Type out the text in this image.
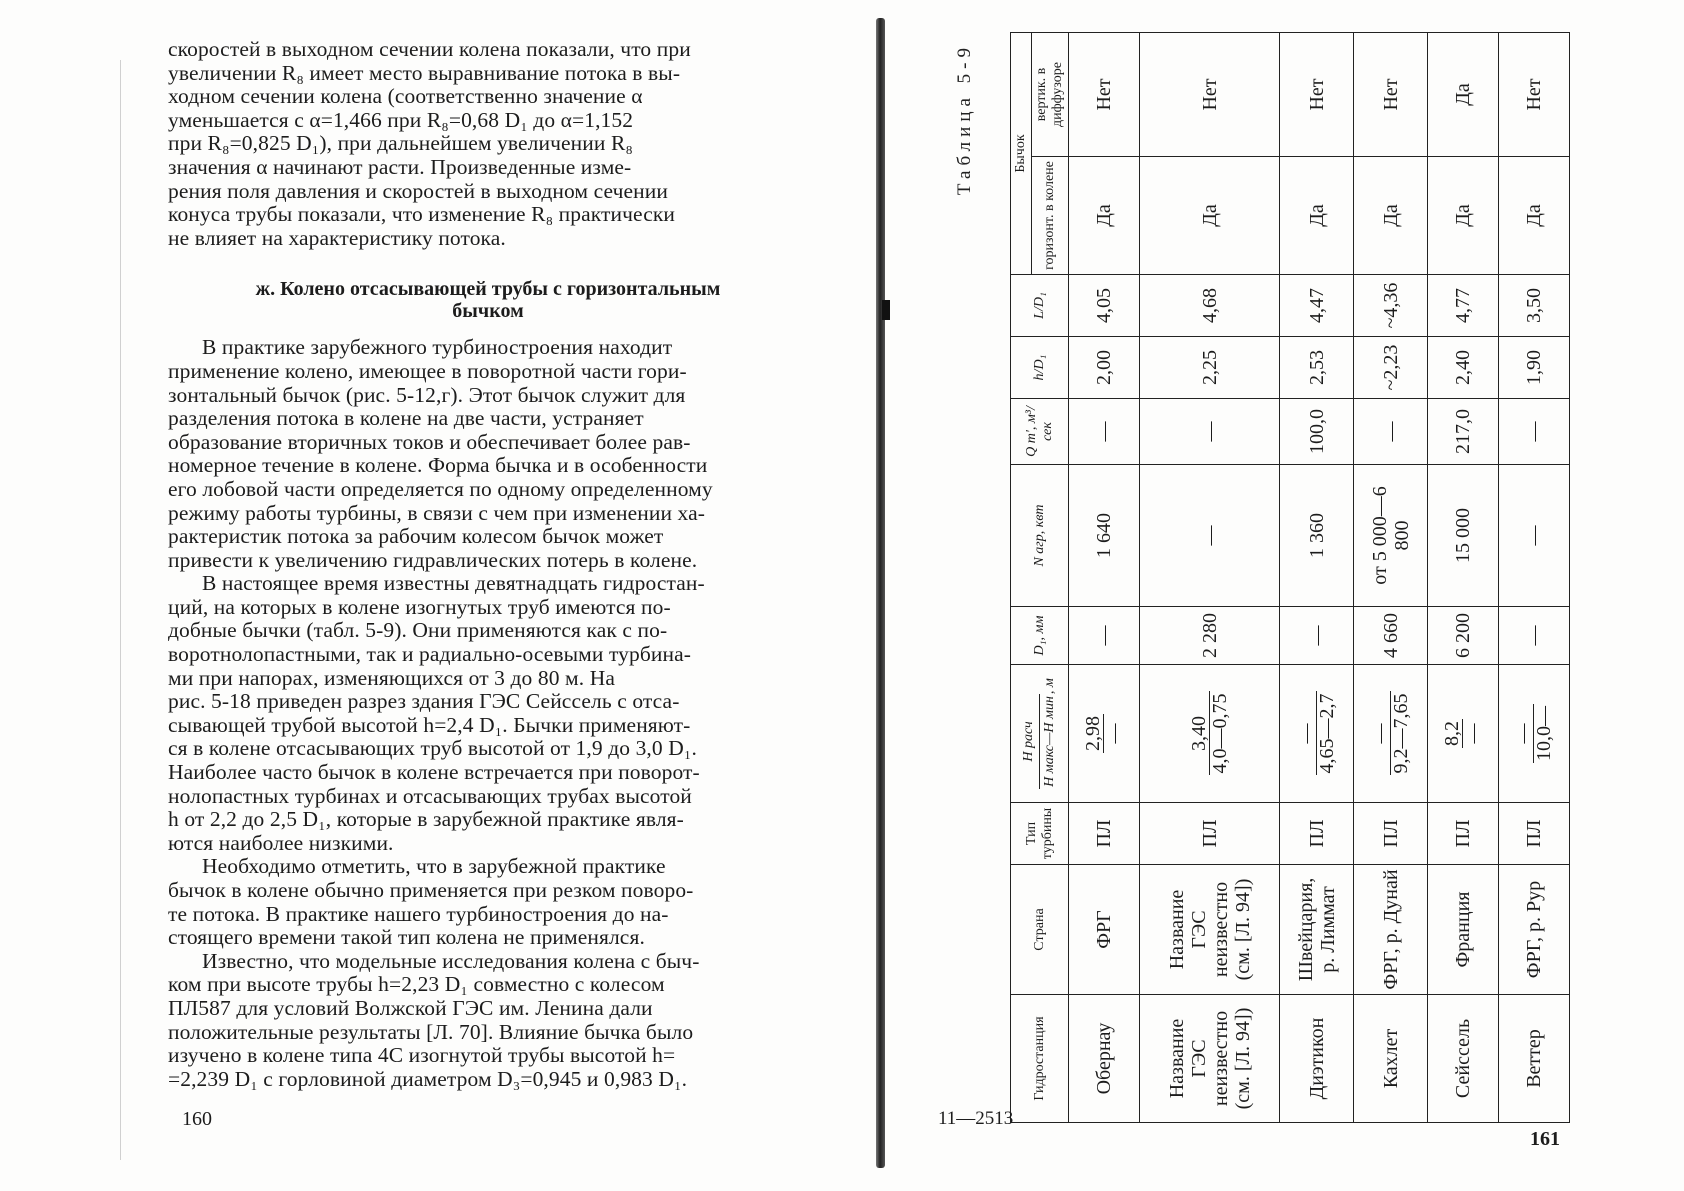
скоростей в выходном сечении колена показали, что при
увеличении R₈ имеет место выравнивание потока в вы-
ходном сечении колена (соответственно значение α
уменьшается с α=1,466 при R₈=0,68 D₁ до α=1,152
при R₈=0,825 D₁), при дальнейшем увеличении R₈
значения α начинают расти. Произведенные изме-
рения поля давления и скоростей в выходном сечении
конуса трубы показали, что изменение R₈ практически
не влияет на характеристику потока.

ж. Колено отсасывающей трубы с горизонтальным
бычком

В практике зарубежного турбиностроения находит
применение колено, имеющее в поворотной части гори-
зонтальный бычок (рис. 5-12,г). Этот бычок служит для
разделения потока в колене на две части, устраняет
образование вторичных токов и обеспечивает более рав-
номерное течение в колене. Форма бычка и в особенности
его лобовой части определяется по одному определенному
режиму работы турбины, в связи с чем при изменении ха-
рактеристик потока за рабочим колесом бычок может
привести к увеличению гидравлических потерь в колене.

В настоящее время известны девятнадцать гидростан-
ций, на которых в колене изогнутых труб имеются по-
добные бычки (табл. 5-9). Они применяются как с по-
воротнолопастными, так и радиально-осевыми турбина-
ми при напорах, изменяющихся от 3 до 80 м. На
рис. 5-18 приведен разрез здания ГЭС Сейссель с отса-
сывающей трубой высотой h=2,4 D₁. Бычки применяют-
ся в колене отсасывающих труб высотой от 1,9 до 3,0 D₁.
Наиболее часто бычок в колене встречается при поворот-
нолопастных турбинах и отсасывающих трубах высотой
h от 2,2 до 2,5 D₁, которые в зарубежной практике явля-
ются наиболее низкими.

Необходимо отметить, что в зарубежной практике
бычок в колене обычно применяется при резком поворо-
те потока. В практике нашего турбиностроения до на-
стоящего времени такой тип колена не применялся.

Известно, что модельные исследования колена с быч-
ком при высоте трубы h=2,23 D₁ совместно с колесом
ПЛ587 для условий Волжской ГЭС им. Ленина дали
положительные результаты [Л. 70]. Влияние бычка было
изучено в колене типа 4С изогнутой трубы высотой h=
=2,239 D₁ с горловиной диаметром D₃=0,945 и 0,983 D₁.

160
Таблица 5-9
Гидростанция	Страна	Тип турбины	H расч H макс—H мин
, м	D₁, мм	N агр, квт	Q т', м³/сек	h/D₁	L/D₁	Бычок	
									горизонт. в колене	вертик. в диффузоре
Обернау	ФРГ	ПЛ	2,98 —	—	1 640	—	2,00	4,05	Да	Нет
Название ГЭС неизвестно (см. [Л. 94])	Название ГЭС неизвестно (см. [Л. 94])	ПЛ	3,40 4,0—0,75	2 280	—	—	2,25	4,68	Да	Нет
Диэтикон	Швейцария, р. Лиммат	ПЛ	— 4,65—2,7	—	1 360	100,0	2,53	4,47	Да	Нет
Кахлет	ФРГ, р. Дунай	ПЛ	— 9,2—7,65	4 660	от 5 000—6 800	—	~2,23	~4,36	Да	Нет
Сейссель	Франция	ПЛ	8,2 —	6 200	15 000	217,0	2,40	4,77	Да	Да
Веттер	ФРГ, р. Рур	ПЛ	— 10,0—	—	—	—	1,90	3,50	Да	Нет
11—2513
161
